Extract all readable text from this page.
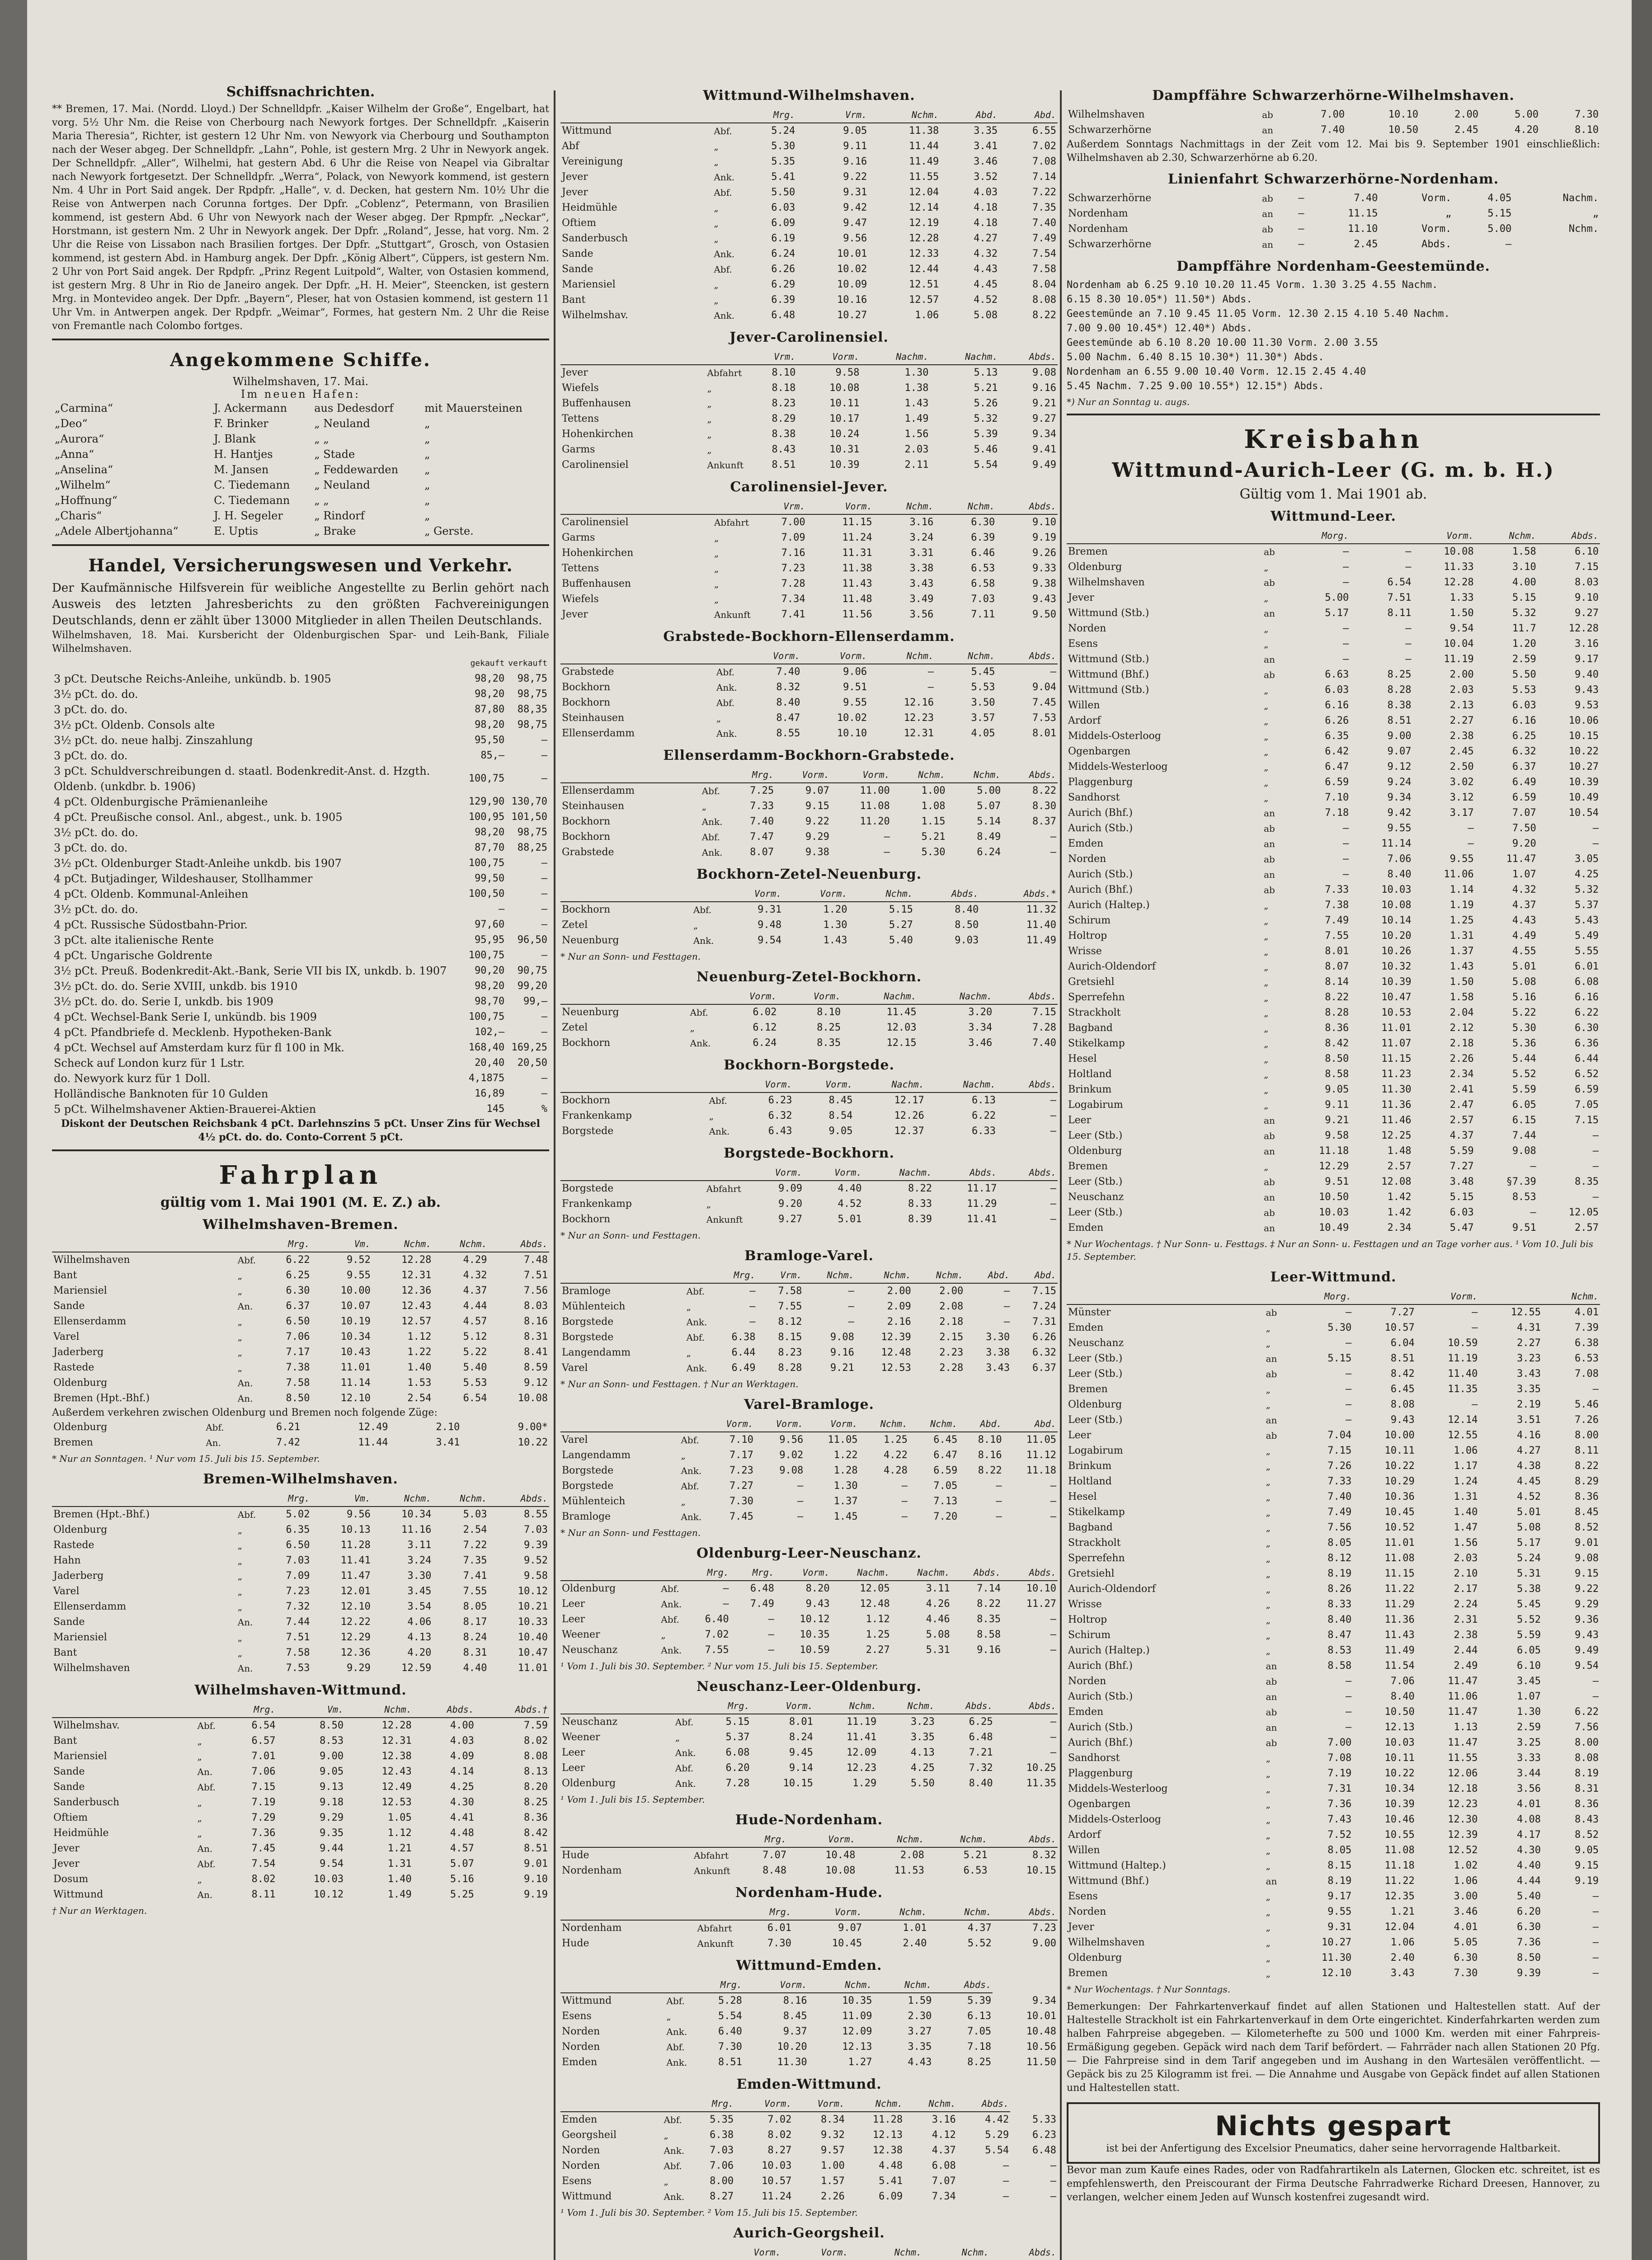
Schiffsnachrichten.

** Bremen, 17. Mai. (Nordd. Lloyd.) Der Schnelldpfr. „Kaiser Wilhelm der Große“, Engelbart, hat vorg. 5½ Uhr Nm. die Reise von Cherbourg nach Newyork fortges. Der Schnelldpfr. „Kaiserin Maria Theresia“, Richter, ist gestern 12 Uhr Nm. von Newyork via Cherbourg und Southampton nach der Weser abgeg. Der Schnelldpfr. „Lahn“, Pohle, ist gestern Mrg. 2 Uhr in Newyork angek. Der Schnelldpfr. „Aller“, Wilhelmi, hat gestern Abd. 6 Uhr die Reise von Neapel via Gibraltar nach Newyork fortgesetzt. Der Schnelldpfr. „Werra“, Polack, von Newyork kommend, ist gestern Nm. 4 Uhr in Port Said angek. Der Rpdpfr. „Halle“, v. d. Decken, hat gestern Nm. 10½ Uhr die Reise von Antwerpen nach Corunna fortges. Der Dpfr. „Coblenz“, Petermann, von Brasilien kommend, ist gestern Abd. 6 Uhr von Newyork nach der Weser abgeg. Der Rpmpfr. „Neckar“, Horstmann, ist gestern Nm. 2 Uhr in Newyork angek. Der Dpfr. „Roland“, Jesse, hat vorg. Nm. 2 Uhr die Reise von Lissabon nach Brasilien fortges. Der Dpfr. „Stuttgart“, Grosch, von Ostasien kommend, ist gestern Abd. in Hamburg angek. Der Dpfr. „König Albert“, Cüppers, ist gestern Nm. 2 Uhr von Port Said angek. Der Rpdpfr. „Prinz Regent Luitpold“, Walter, von Ostasien kommend, ist gestern Mrg. 8 Uhr in Rio de Janeiro angek. Der Dpfr. „H. H. Meier“, Steencken, ist gestern Mrg. in Montevideo angek. Der Dpfr. „Bayern“, Pleser, hat von Ostasien kommend, ist gestern 11 Uhr Vm. in Antwerpen angek. Der Rpdpfr. „Weimar“, Formes, hat gestern Nm. 2 Uhr die Reise von Fremantle nach Colombo fortges.

Angekommene Schiffe.
Wilhelmshaven, 17. Mai.
Im neuen Hafen:
„Carmina“	J. Ackermann	aus Dedesdorf	mit Mauersteinen
„Deo“	F. Brinker	„ Neuland	„
„Aurora“	J. Blank	„ „	„
„Anna“	H. Hantjes	„ Stade	„
„Anselina“	M. Jansen	„ Feddewarden	„
„Wilhelm“	C. Tiedemann	„ Neuland	„
„Hoffnung“	C. Tiedemann	„ „	„
„Charis“	J. H. Segeler	„ Rindorf	„
„Adele Albertjohanna“	E. Uptis	„ Brake	„ Gerste.
Handel, Versicherungswesen und Verkehr.

Der Kaufmännische Hilfsverein für weibliche Angestellte zu Berlin gehört nach Ausweis des letzten Jahresberichts zu den größten Fachvereinigungen Deutschlands, denn er zählt über 13000 Mitglieder in allen Theilen Deutschlands.

Wilhelmshaven, 18. Mai. Kursbericht der Oldenburgischen Spar- und Leih-Bank, Filiale Wilhelmshaven.

	gekauft	verkauft
3 pCt. Deutsche Reichs-Anleihe, unkündb. b. 1905	98,20	98,75
3½ pCt. do. do.	98,20	98,75
3 pCt. do. do.	87,80	88,35
3½ pCt. Oldenb. Consols alte	98,20	98,75
3½ pCt. do. neue halbj. Zinszahlung	95,50	—
3 pCt. do. do.	85,—	—
3 pCt. Schuldverschreibungen d. staatl. Bodenkredit-Anst. d. Hzgth. Oldenb. (unkdbr. b. 1906)	100,75	—
4 pCt. Oldenburgische Prämienanleihe	129,90	130,70
4 pCt. Preußische consol. Anl., abgest., unk. b. 1905	100,95	101,50
3½ pCt. do. do.	98,20	98,75
3 pCt. do. do.	87,70	88,25
3½ pCt. Oldenburger Stadt-Anleihe unkdb. bis 1907	100,75	—
4 pCt. Butjadinger, Wildeshauser, Stollhammer	99,50	—
4 pCt. Oldenb. Kommunal-Anleihen	100,50	—
3½ pCt. do. do.	—	—
4 pCt. Russische Südostbahn-Prior.	97,60	—
3 pCt. alte italienische Rente	95,95	96,50
4 pCt. Ungarische Goldrente	100,75	—
3½ pCt. Preuß. Bodenkredit-Akt.-Bank, Serie VII bis IX, unkdb. b. 1907	90,20	90,75
3½ pCt. do. do. Serie XVIII, unkdb. bis 1910	98,20	99,20
3½ pCt. do. do. Serie I, unkdb. bis 1909	98,70	99,—
4 pCt. Wechsel-Bank Serie I, unkündb. bis 1909	100,75	—
4 pCt. Pfandbriefe d. Mecklenb. Hypotheken-Bank	102,—	—
4 pCt. Wechsel auf Amsterdam kurz für fl 100 in Mk.	168,40	169,25
Scheck auf London kurz für 1 Lstr.	20,40	20,50
do. Newyork kurz für 1 Doll.	4,1875	—
Holländische Banknoten für 10 Gulden	16,89	—
5 pCt. Wilhelmshavener Aktien-Brauerei-Aktien	145	%

Diskont der Deutschen Reichsbank 4 pCt. Darlehnszins 5 pCt. Unser Zins für Wechsel 4½ pCt. do. do. Conto-Corrent 5 pCt.

Fahrplan
gültig vom 1. Mai 1901 (M. E. Z.) ab.
Wilhelmshaven-Bremen.
		Mrg.	Vm.	Nchm.	Nchm.	Abds.
Wilhelmshaven	Abf.	6.22	9.52	12.28	4.29	7.48
Bant	„	6.25	9.55	12.31	4.32	7.51
Mariensiel	„	6.30	10.00	12.36	4.37	7.56
Sande	An.	6.37	10.07	12.43	4.44	8.03
Ellenserdamm	„	6.50	10.19	12.57	4.57	8.16
Varel	„	7.06	10.34	1.12	5.12	8.31
Jaderberg	„	7.17	10.43	1.22	5.22	8.41
Rastede	„	7.38	11.01	1.40	5.40	8.59
Oldenburg	An.	7.58	11.14	1.53	5.53	9.12
Bremen (Hpt.-Bhf.)	An.	8.50	12.10	2.54	6.54	10.08
Außerdem verkehren zwischen Oldenburg und Bremen noch folgende Züge:
Oldenburg	Abf.	6.21	12.49	2.10	9.00*
Bremen	An.	7.42	11.44	3.41	10.22
* Nur an Sonntagen. ¹ Nur vom 15. Juli bis 15. September.
Bremen-Wilhelmshaven.
		Mrg.	Vm.	Nchm.	Nchm.	Abds.
Bremen (Hpt.-Bhf.)	Abf.	5.02	9.56	10.34	5.03	8.55
Oldenburg	„	6.35	10.13	11.16	2.54	7.03
Rastede	„	6.50	11.28	3.11	7.22	9.39
Hahn	„	7.03	11.41	3.24	7.35	9.52
Jaderberg	„	7.09	11.47	3.30	7.41	9.58
Varel	„	7.23	12.01	3.45	7.55	10.12
Ellenserdamm	„	7.32	12.10	3.54	8.05	10.21
Sande	An.	7.44	12.22	4.06	8.17	10.33
Mariensiel	„	7.51	12.29	4.13	8.24	10.40
Bant	„	7.58	12.36	4.20	8.31	10.47
Wilhelmshaven	An.	7.53	9.29	12.59	4.40	11.01
Wilhelmshaven-Wittmund.
		Mrg.	Vm.	Nchm.	Abds.	Abds.†
Wilhelmshav.	Abf.	6.54	8.50	12.28	4.00	7.59
Bant	„	6.57	8.53	12.31	4.03	8.02
Mariensiel	„	7.01	9.00	12.38	4.09	8.08
Sande	An.	7.06	9.05	12.43	4.14	8.13
Sande	Abf.	7.15	9.13	12.49	4.25	8.20
Sanderbusch	„	7.19	9.18	12.53	4.30	8.25
Oftiem	„	7.29	9.29	1.05	4.41	8.36
Heidmühle	„	7.36	9.35	1.12	4.48	8.42
Jever	An.	7.45	9.44	1.21	4.57	8.51
Jever	Abf.	7.54	9.54	1.31	5.07	9.01
Dosum	„	8.02	10.03	1.40	5.16	9.10
Wittmund	An.	8.11	10.12	1.49	5.25	9.19
† Nur an Werktagen.
Wittmund-Wilhelmshaven.
		Mrg.	Vrm.	Nchm.	Abd.	Abd.
Wittmund	Abf.	5.24	9.05	11.38	3.35	6.55
Abf	„	5.30	9.11	11.44	3.41	7.02
Vereinigung	„	5.35	9.16	11.49	3.46	7.08
Jever	Ank.	5.41	9.22	11.55	3.52	7.14
Jever	Abf.	5.50	9.31	12.04	4.03	7.22
Heidmühle	„	6.03	9.42	12.14	4.18	7.35
Oftiem	„	6.09	9.47	12.19	4.18	7.40
Sanderbusch	„	6.19	9.56	12.28	4.27	7.49
Sande	Ank.	6.24	10.01	12.33	4.32	7.54
Sande	Abf.	6.26	10.02	12.44	4.43	7.58
Mariensiel	„	6.29	10.09	12.51	4.45	8.04
Bant	„	6.39	10.16	12.57	4.52	8.08
Wilhelmshav.	Ank.	6.48	10.27	1.06	5.08	8.22
Jever-Carolinensiel.
		Vrm.	Vorm.	Nachm.	Nachm.	Abds.
Jever	Abfahrt	8.10	9.58	1.30	5.13	9.08
Wiefels	„	8.18	10.08	1.38	5.21	9.16
Buffenhausen	„	8.23	10.11	1.43	5.26	9.21
Tettens	„	8.29	10.17	1.49	5.32	9.27
Hohenkirchen	„	8.38	10.24	1.56	5.39	9.34
Garms	„	8.43	10.31	2.03	5.46	9.41
Carolinensiel	Ankunft	8.51	10.39	2.11	5.54	9.49
Carolinensiel-Jever.
		Vrm.	Vorm.	Nchm.	Nchm.	Abds.
Carolinensiel	Abfahrt	7.00	11.15	3.16	6.30	9.10
Garms	„	7.09	11.24	3.24	6.39	9.19
Hohenkirchen	„	7.16	11.31	3.31	6.46	9.26
Tettens	„	7.23	11.38	3.38	6.53	9.33
Buffenhausen	„	7.28	11.43	3.43	6.58	9.38
Wiefels	„	7.34	11.48	3.49	7.03	9.43
Jever	Ankunft	7.41	11.56	3.56	7.11	9.50
Grabstede-Bockhorn-Ellenserdamm.
		Vorm.	Vorm.	Nchm.	Nchm.	Abds.
Grabstede	Abf.	7.40	9.06	—	5.45	—
Bockhorn	Ank.	8.32	9.51	—	5.53	9.04
Bockhorn	Abf.	8.40	9.55	12.16	3.50	7.45
Steinhausen	„	8.47	10.02	12.23	3.57	7.53
Ellenserdamm	Ank.	8.55	10.10	12.31	4.05	8.01
Ellenserdamm-Bockhorn-Grabstede.
		Mrg.	Vorm.	Vorm.	Nchm.	Nchm.	Abds.
Ellenserdamm	Abf.	7.25	9.07	11.00	1.00	5.00	8.22
Steinhausen	„	7.33	9.15	11.08	1.08	5.07	8.30
Bockhorn	Ank.	7.40	9.22	11.20	1.15	5.14	8.37
Bockhorn	Abf.	7.47	9.29	—	5.21	8.49	—
Grabstede	Ank.	8.07	9.38	—	5.30	6.24	—
Bockhorn-Zetel-Neuenburg.
		Vorm.	Vorm.	Nchm.	Abds.	Abds.*
Bockhorn	Abf.	9.31	1.20	5.15	8.40	11.32
Zetel	„	9.48	1.30	5.27	8.50	11.40
Neuenburg	Ank.	9.54	1.43	5.40	9.03	11.49
* Nur an Sonn- und Festtagen.
Neuenburg-Zetel-Bockhorn.
		Vorm.	Vorm.	Nachm.	Nachm.	Abds.
Neuenburg	Abf.	6.02	8.10	11.45	3.20	7.15
Zetel	„	6.12	8.25	12.03	3.34	7.28
Bockhorn	Ank.	6.24	8.35	12.15	3.46	7.40
Bockhorn-Borgstede.
		Vorm.	Vorm.	Nachm.	Nachm.	Abds.
Bockhorn	Abf.	6.23	8.45	12.17	6.13	—
Frankenkamp	„	6.32	8.54	12.26	6.22	—
Borgstede	Ank.	6.43	9.05	12.37	6.33	—
Borgstede-Bockhorn.
		Vorm.	Vorm.	Nachm.	Abds.	Abds.
Borgstede	Abfahrt	9.09	4.40	8.22	11.17	—
Frankenkamp	„	9.20	4.52	8.33	11.29	—
Bockhorn	Ankunft	9.27	5.01	8.39	11.41	—
* Nur an Sonn- und Festtagen.
Bramloge-Varel.
		Mrg.	Vrm.	Nchm.	Nchm.	Nchm.	Abd.	Abd.
Bramloge	Abf.	—	7.58	—	2.00	2.00	—	7.15
Mühlenteich	„	—	7.55	—	2.09	2.08	—	7.24
Borgstede	Ank.	—	8.12	—	2.16	2.18	—	7.31
Borgstede	Abf.	6.38	8.15	9.08	12.39	2.15	3.30	6.26
Langendamm	„	6.44	8.23	9.16	12.48	2.23	3.38	6.32
Varel	Ank.	6.49	8.28	9.21	12.53	2.28	3.43	6.37
* Nur an Sonn- und Festtagen. † Nur an Werktagen.
Varel-Bramloge.
		Vorm.	Vorm.	Vorm.	Nchm.	Nchm.	Abd.	Abd.
Varel	Abf.	7.10	9.56	11.05	1.25	6.45	8.10	11.05
Langendamm	„	7.17	9.02	1.22	4.22	6.47	8.16	11.12
Borgstede	Ank.	7.23	9.08	1.28	4.28	6.59	8.22	11.18
Borgstede	Abf.	7.27	—	1.30	—	7.05	—	—
Mühlenteich	„	7.30	—	1.37	—	7.13	—	—
Bramloge	Ank.	7.45	—	1.45	—	7.20	—	—
* Nur an Sonn- und Festtagen.
Oldenburg-Leer-Neuschanz.
		Mrg.	Mrg.	Vorm.	Nachm.	Nachm.	Abds.	Abds.
Oldenburg	Abf.	—	6.48	8.20	12.05	3.11	7.14	10.10
Leer	Ank.	—	7.49	9.43	12.48	4.26	8.22	11.27
Leer	Abf.	6.40	—	10.12	1.12	4.46	8.35	—
Weener	„	7.02	—	10.35	1.25	5.08	8.58	—
Neuschanz	Ank.	7.55	—	10.59	2.27	5.31	9.16	—
¹ Vom 1. Juli bis 30. September. ² Nur vom 15. Juli bis 15. September.
Neuschanz-Leer-Oldenburg.
		Mrg.	Vorm.	Nchm.	Nchm.	Abds.	Abds.
Neuschanz	Abf.	5.15	8.01	11.19	3.23	6.25	—
Weener	„	5.37	8.24	11.41	3.35	6.48	—
Leer	Ank.	6.08	9.45	12.09	4.13	7.21	—
Leer	Abf.	6.20	9.14	12.23	4.25	7.32	10.25
Oldenburg	Ank.	7.28	10.15	1.29	5.50	8.40	11.35
¹ Vom 1. Juli bis 15. September.
Hude-Nordenham.
		Mrg.	Vorm.	Nchm.	Nchm.	Abds.
Hude	Abfahrt	7.07	10.48	2.08	5.21	8.32
Nordenham	Ankunft	8.48	10.08	11.53	6.53	10.15
Nordenham-Hude.
		Mrg.	Vorm.	Nchm.	Nchm.	Abds.
Nordenham	Abfahrt	6.01	9.07	1.01	4.37	7.23
Hude	Ankunft	7.30	10.45	2.40	5.52	9.00
Wittmund-Emden.
		Mrg.	Vorm.	Nchm.	Nchm.	Abds.	
Wittmund	Abf.	5.28	8.16	10.35	1.59	5.39	9.34
Esens	„	5.54	8.45	11.09	2.30	6.13	10.01
Norden	Ank.	6.40	9.37	12.09	3.27	7.05	10.48
Norden	Abf.	7.30	10.20	12.13	3.35	7.18	10.56
Emden	Ank.	8.51	11.30	1.27	4.43	8.25	11.50
Emden-Wittmund.
		Mrg.	Vorm.	Vorm.	Nchm.	Nchm.	Abds.	
Emden	Abf.	5.35	7.02	8.34	11.28	3.16	4.42	5.33
Georgsheil	„	6.38	8.02	9.32	12.13	4.12	5.29	6.23
Norden	Ank.	7.03	8.27	9.57	12.38	4.37	5.54	6.48
Norden	Abf.	7.06	10.03	1.00	4.48	6.08	—	—
Esens	„	8.00	10.57	1.57	5.41	7.07	—	—
Wittmund	Ank.	8.27	11.24	2.26	6.09	7.34	—	—
¹ Vom 1. Juli bis 30. September. ² Vom 15. Juli bis 15. September.
Aurich-Georgsheil.
		Vorm.	Vorm.	Nchm.	Nchm.	Abds.

Dampffähre Schwarzerhörne-Wilhelmshaven.
Wilhelmshaven	ab	7.00	10.10	2.00	5.00	7.30
Schwarzerhörne	an	7.40	10.50	2.45	4.20	8.10

Außerdem Sonntags Nachmittags in der Zeit vom 12. Mai bis 9. September 1901 einschließlich: Wilhelmshaven ab 2.30, Schwarzerhörne ab 6.20.

Linienfahrt Schwarzerhörne-Nordenham.
Schwarzerhörne	ab	—	7.40	Vorm.	4.05	Nachm.
Nordenham	an	—	11.15	„	5.15	„
Nordenham	ab	—	11.10	Vorm.	5.00	Nchm.
Schwarzerhörne	an	—	2.45	Abds.	—	
Dampffähre Nordenham-Geestemünde.
Nordenham ab 6.25 9.10 10.20 11.45 Vorm. 1.30 3.25 4.55 Nachm.
6.15 8.30 10.05*) 11.50*) Abds.
Geestemünde an 7.10 9.45 11.05 Vorm. 12.30 2.15 4.10 5.40 Nachm.
7.00 9.00 10.45*) 12.40*) Abds.
Geestemünde ab 6.10 8.20 10.00 11.30 Vorm. 2.00 3.55
5.00 Nachm. 6.40 8.15 10.30*) 11.30*) Abds.
Nordenham an 6.55 9.00 10.40 Vorm. 12.15 2.45 4.40
5.45 Nachm. 7.25 9.00 10.55*) 12.15*) Abds.
*) Nur an Sonntag u. augs.
Kreisbahn
Wittmund-Aurich-Leer (G. m. b. H.)
Gültig vom 1. Mai 1901 ab.
Wittmund-Leer.
		Morg.		Vorm.	Nchm.	Abds.
Bremen	ab	—	—	10.08	1.58	6.10
Oldenburg	„	—	—	11.33	3.10	7.15
Wilhelmshaven	ab	—	6.54	12.28	4.00	8.03
Jever	„	5.00	7.51	1.33	5.15	9.10
Wittmund (Stb.)	an	5.17	8.11	1.50	5.32	9.27
Norden	„	—	—	9.54	11.7	12.28
Esens	„	—	—	10.04	1.20	3.16
Wittmund (Stb.)	an	—	—	11.19	2.59	9.17
Wittmund (Bhf.)	ab	6.63	8.25	2.00	5.50	9.40
Wittmund (Stb.)	„	6.03	8.28	2.03	5.53	9.43
Willen	„	6.16	8.38	2.13	6.03	9.53
Ardorf	„	6.26	8.51	2.27	6.16	10.06
Middels-Osterloog	„	6.35	9.00	2.38	6.25	10.15
Ogenbargen	„	6.42	9.07	2.45	6.32	10.22
Middels-Westerloog	„	6.47	9.12	2.50	6.37	10.27
Plaggenburg	„	6.59	9.24	3.02	6.49	10.39
Sandhorst	„	7.10	9.34	3.12	6.59	10.49
Aurich (Bhf.)	an	7.18	9.42	3.17	7.07	10.54
Aurich (Stb.)	ab	—	9.55	—	7.50	—
Emden	an	—	11.14	—	9.20	—
Norden	ab	—	7.06	9.55	11.47	3.05
Aurich (Stb.)	an	—	8.40	11.06	1.07	4.25
Aurich (Bhf.)	ab	7.33	10.03	1.14	4.32	5.32
Aurich (Haltep.)	„	7.38	10.08	1.19	4.37	5.37
Schirum	„	7.49	10.14	1.25	4.43	5.43
Holtrop	„	7.55	10.20	1.31	4.49	5.49
Wrisse	„	8.01	10.26	1.37	4.55	5.55
Aurich-Oldendorf	„	8.07	10.32	1.43	5.01	6.01
Gretsiehl	„	8.14	10.39	1.50	5.08	6.08
Sperrefehn	„	8.22	10.47	1.58	5.16	6.16
Strackholt	„	8.28	10.53	2.04	5.22	6.22
Bagband	„	8.36	11.01	2.12	5.30	6.30
Stikelkamp	„	8.42	11.07	2.18	5.36	6.36
Hesel	„	8.50	11.15	2.26	5.44	6.44
Holtland	„	8.58	11.23	2.34	5.52	6.52
Brinkum	„	9.05	11.30	2.41	5.59	6.59
Logabirum	„	9.11	11.36	2.47	6.05	7.05
Leer	an	9.21	11.46	2.57	6.15	7.15
Leer (Stb.)	ab	9.58	12.25	4.37	7.44	—
Oldenburg	an	11.18	1.48	5.59	9.08	—
Bremen	„	12.29	2.57	7.27	—	—
Leer (Stb.)	ab	9.51	12.08	3.48	§7.39	8.35
Neuschanz	an	10.50	1.42	5.15	8.53	—
Leer (Stb.)	ab	10.03	1.42	6.03	—	12.05
Emden	an	10.49	2.34	5.47	9.51	2.57
* Nur Wochentags. † Nur Sonn- u. Festtags. ‡ Nur an Sonn- u. Festtagen und an Tage vorher aus. ¹ Vom 10. Juli bis 15. September.
Leer-Wittmund.
		Morg.		Vorm.		Nchm.
Münster	ab	—	7.27	—	12.55	4.01
Emden	„	5.30	10.57	—	4.31	7.39
Neuschanz	„	—	6.04	10.59	2.27	6.38
Leer (Stb.)	an	5.15	8.51	11.19	3.23	6.53
Leer (Stb.)	ab	—	8.42	11.40	3.43	7.08
Bremen	„	—	6.45	11.35	3.35	—
Oldenburg	„	—	8.08	—	2.19	5.46
Leer (Stb.)	an	—	9.43	12.14	3.51	7.26
Leer	ab	7.04	10.00	12.55	4.16	8.00
Logabirum	„	7.15	10.11	1.06	4.27	8.11
Brinkum	„	7.26	10.22	1.17	4.38	8.22
Holtland	„	7.33	10.29	1.24	4.45	8.29
Hesel	„	7.40	10.36	1.31	4.52	8.36
Stikelkamp	„	7.49	10.45	1.40	5.01	8.45
Bagband	„	7.56	10.52	1.47	5.08	8.52
Strackholt	„	8.05	11.01	1.56	5.17	9.01
Sperrefehn	„	8.12	11.08	2.03	5.24	9.08
Gretsiehl	„	8.19	11.15	2.10	5.31	9.15
Aurich-Oldendorf	„	8.26	11.22	2.17	5.38	9.22
Wrisse	„	8.33	11.29	2.24	5.45	9.29
Holtrop	„	8.40	11.36	2.31	5.52	9.36
Schirum	„	8.47	11.43	2.38	5.59	9.43
Aurich (Haltep.)	„	8.53	11.49	2.44	6.05	9.49
Aurich (Bhf.)	an	8.58	11.54	2.49	6.10	9.54
Norden	ab	—	7.06	11.47	3.45	—
Aurich (Stb.)	an	—	8.40	11.06	1.07	—
Emden	ab	—	10.50	11.47	1.30	6.22
Aurich (Stb.)	an	—	12.13	1.13	2.59	7.56
Aurich (Bhf.)	ab	7.00	10.03	11.47	3.25	8.00
Sandhorst	„	7.08	10.11	11.55	3.33	8.08
Plaggenburg	„	7.19	10.22	12.06	3.44	8.19
Middels-Westerloog	„	7.31	10.34	12.18	3.56	8.31
Ogenbargen	„	7.36	10.39	12.23	4.01	8.36
Middels-Osterloog	„	7.43	10.46	12.30	4.08	8.43
Ardorf	„	7.52	10.55	12.39	4.17	8.52
Willen	„	8.05	11.08	12.52	4.30	9.05
Wittmund (Haltep.)	„	8.15	11.18	1.02	4.40	9.15
Wittmund (Bhf.)	an	8.19	11.22	1.06	4.44	9.19
Esens	„	9.17	12.35	3.00	5.40	—
Norden	„	9.55	1.21	3.46	6.20	—
Jever	„	9.31	12.04	4.01	6.30	—
Wilhelmshaven	„	10.27	1.06	5.05	7.36	—
Oldenburg	„	11.30	2.40	6.30	8.50	—
Bremen	„	12.10	3.43	7.30	9.39	—
* Nur Wochentags. † Nur Sonntags.

Bemerkungen: Der Fahrkartenverkauf findet auf allen Stationen und Haltestellen statt. Auf der Haltestelle Strackholt ist ein Fahrkartenverkauf in dem Orte eingerichtet. Kinderfahrkarten werden zum halben Fahrpreise abgegeben. — Kilometerhefte zu 500 und 1000 Km. werden mit einer Fahrpreis-Ermäßigung gegeben. Gepäck wird nach dem Tarif befördert. — Fahrräder nach allen Stationen 20 Pfg. — Die Fahrpreise sind in dem Tarif angegeben und im Aushang in den Wartesälen veröffentlicht. — Gepäck bis zu 25 Kilogramm ist frei. — Die Annahme und Ausgabe von Gepäck findet auf allen Stationen und Haltestellen statt.

Nichts gespart
ist bei der Anfertigung des Excelsior Pneumatics, daher seine hervorragende Haltbarkeit.

Bevor man zum Kaufe eines Rades, oder von Radfahrartikeln als Laternen, Glocken etc. schreitet, ist es empfehlenswerth, den Preiscourant der Firma Deutsche Fahrradwerke Richard Dreesen, Hannover, zu verlangen, welcher einem Jeden auf Wunsch kostenfrei zugesandt wird.
